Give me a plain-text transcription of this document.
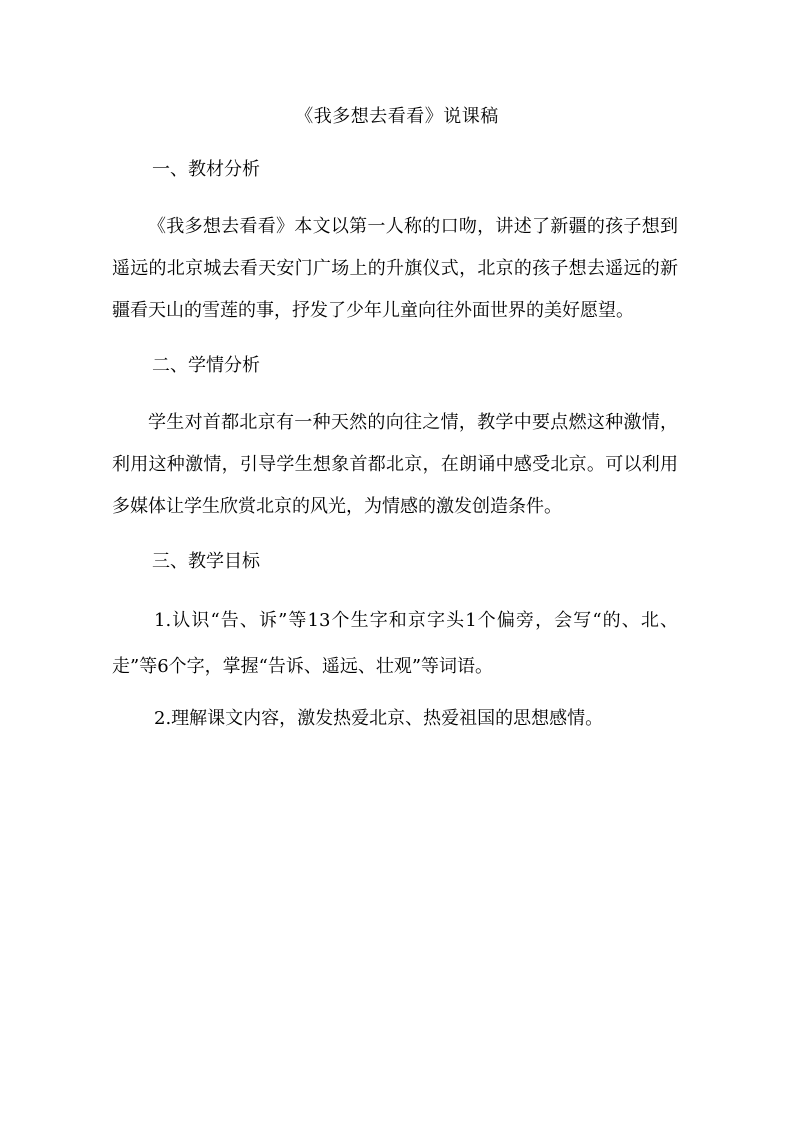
《我多想去看看》说课稿

一、教材分析

《我多想去看看》本文以第一人称的口吻，讲述了新疆的孩子想到遥远的北京城去看天安门广场上的升旗仪式，北京的孩子想去遥远的新疆看天山的雪莲的事，抒发了少年儿童向往外面世界的美好愿望。

二、学情分析

学生对首都北京有一种天然的向往之情，教学中要点燃这种激情，利用这种激情，引导学生想象首都北京，在朗诵中感受北京。可以利用多媒体让学生欣赏北京的风光，为情感的激发创造条件。

三、教学目标

1.认识“告、诉”等13个生字和京字头1个偏旁，会写“的、北、走”等6个字，掌握“告诉、遥远、壮观”等词语。

2.理解课文内容，激发热爱北京、热爱祖国的思想感情。
